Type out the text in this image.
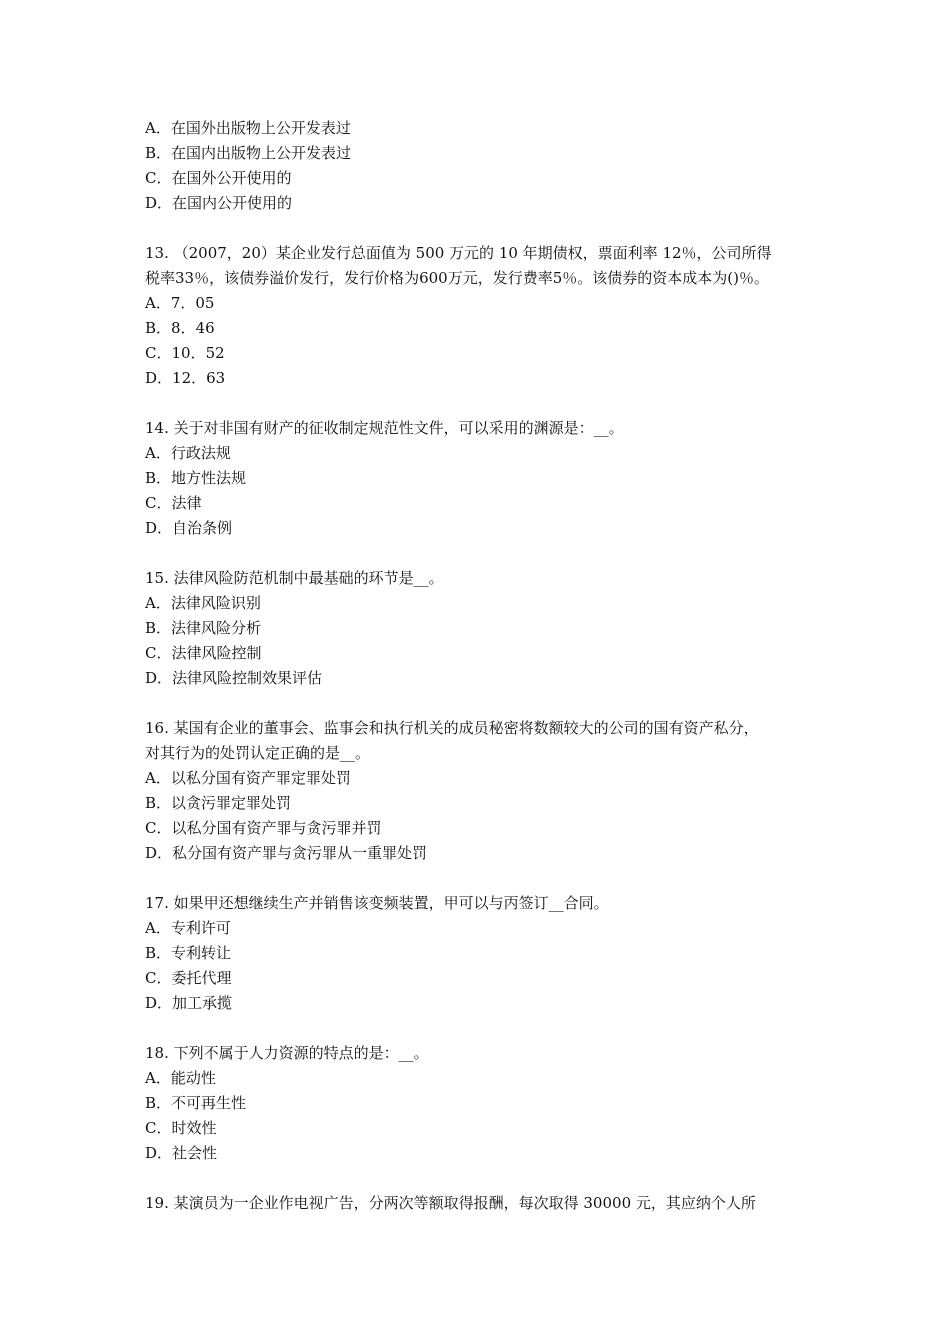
A．在国外出版物上公开发表过
B．在国内出版物上公开发表过
C．在国外公开使用的
D．在国内公开使用的
13. （2007，20）某企业发行总面值为 500 万元的 10 年期债权，票面利率 12％，公司所得
税率33％，该债券溢价发行，发行价格为600万元，发行费率5％。该债券的资本成本为()％。
A．7．05
B．8．46
C．10．52
D．12．63
14. 关于对非国有财产的征收制定规范性文件，可以采用的渊源是：__。
A．行政法规
B．地方性法规
C．法律
D．自治条例
15. 法律风险防范机制中最基础的环节是__。
A．法律风险识别
B．法律风险分析
C．法律风险控制
D．法律风险控制效果评估
16. 某国有企业的董事会、监事会和执行机关的成员秘密将数额较大的公司的国有资产私分，
对其行为的处罚认定正确的是__。
A．以私分国有资产罪定罪处罚
B．以贪污罪定罪处罚
C．以私分国有资产罪与贪污罪并罚
D．私分国有资产罪与贪污罪从一重罪处罚
17. 如果甲还想继续生产并销售该变频装置，甲可以与丙签订__合同。
A．专利许可
B．专利转让
C．委托代理
D．加工承揽
18. 下列不属于人力资源的特点的是：__。
A．能动性
B．不可再生性
C．时效性
D．社会性
19. 某演员为一企业作电视广告，分两次等额取得报酬，每次取得 30000 元，其应纳个人所
